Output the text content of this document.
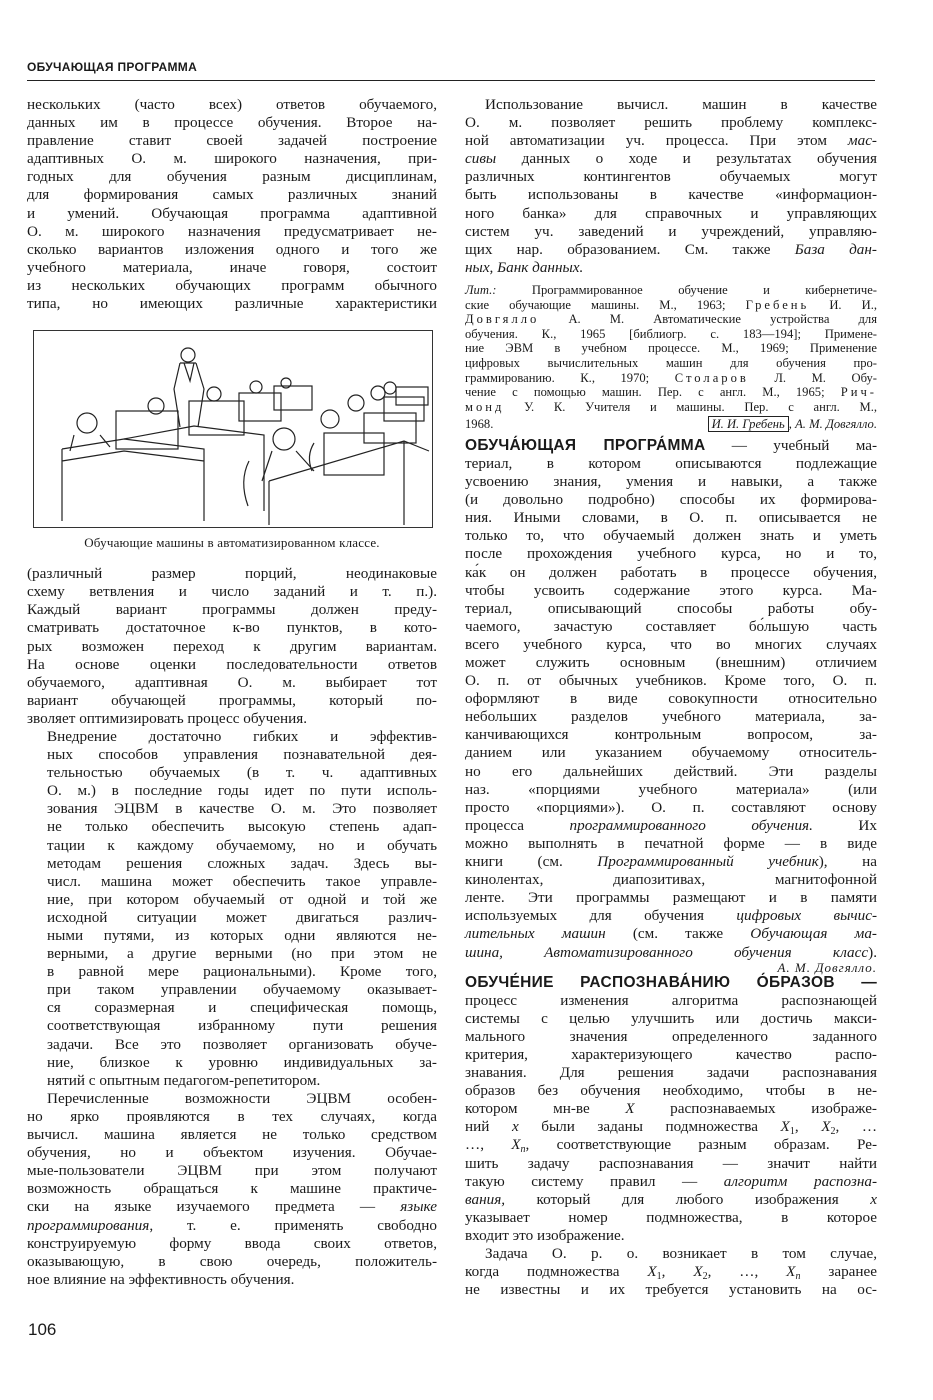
ОБУЧАЮЩАЯ ПРОГРАММА

нескольких (часто всех) ответов обучаемого,
данных им в процессе обучения. Второе на-
правление ставит своей задачей построение
адаптивных О. м. широкого назначения, при-
годных для обучения разным дисциплинам,
для формирования самых различных знаний
и умений. Обучающая программа адаптивной
О. м. широкого назначения предусматривает не-
сколько вариантов изложения одного и того же
учебного материала, иначе говоря, состоит
из нескольких обучающих программ обычного
типа, но имеющих различные характеристики

Обучающие машины в автоматизированном классе.

(различный размер порций, неодинаковые
схему ветвления и число заданий и т. п.).
Каждый вариант программы должен преду-
сматривать достаточное к-во пунктов, в кото-
рых возможен переход к другим вариантам.
На основе оценки последовательности ответов
обучаемого, адаптивная О. м. выбирает тот
вариант обучающей программы, который по-
зволяет оптимизировать процесс обучения.

Внедрение достаточно гибких и эффектив-
ных способов управления познавательной дея-
тельностью обучаемых (в т. ч. адаптивных
О. м.) в последние годы идет по пути исполь-
зования ЭЦВМ в качестве О. м. Это позволяет
не только обеспечить высокую степень адап-
тации к каждому обучаемому, но и обучать
методам решения сложных задач. Здесь вы-
числ. машина может обеспечить такое управле-
ние, при котором обучаемый от одной и той же
исходной ситуации может двигаться различ-
ными путями, из которых одни являются не-
верными, а другие верными (но при этом не
в равной мере рациональными). Кроме того,
при таком управлении обучаемому оказывает-
ся соразмерная и специфическая помощь,
соответствующая избранному пути решения
задачи. Все это позволяет организовать обуче-
ние, близкое к уровню индивидуальных за-
нятий с опытным педагогом-репетитором.

Перечисленные возможности ЭЦВМ особен-
но ярко проявляются в тех случаях, когда
вычисл. машина является не только средством
обучения, но и объектом изучения. Обучае-
мые-пользователи ЭЦВМ при этом получают
возможность обращаться к машине практиче-
ски на языке изучаемого предмета — языке
программирования, т. е. применять свободно
конструируемую форму ввода своих ответов,
оказывающую, в свою очередь, положитель-
ное влияние на эффективность обучения.

Использование вычисл. машин в качестве
О. м. позволяет решить проблему комплекс-
ной автоматизации уч. процесса. При этом мас-
сивы данных о ходе и результатах обучения
различных контингентов обучаемых могут
быть использованы в качестве «информацион-
ного банка» для справочных и управляющих
систем уч. заведений и учреждений, управляю-
щих нар. образованием. См. также База дан-
ных, Банк данных.

Лит.: Программированное обучение и кибернетиче-
ские обучающие машины. М., 1963; Гребень И. И.,
Довгялло А. М. Автоматические устройства для
обучения. К., 1965 [библиогр. с. 183—194]; Примене-
ние ЭВМ в учебном процессе. М., 1969; Применение
цифровых вычислительных машин для обучения про-
граммированию. К., 1970; Столаров Л. М. Обу-
чение с помощью машин. Пер. с англ. М., 1965; Рич-
монд У. К. Учителя и машины. Пер. с англ. М.,
1968.	И. И. Гребень , А. М. Довгялло.

ОБУЧА́ЮЩАЯ ПРОГРА́ММА — учебный ма-
териал, в котором описываются подлежащие
усвоению знания, умения и навыки, а также
(и довольно подробно) способы их формирова-
ния. Иными словами, в О. п. описывается не
только то, что обучаемый должен знать и уметь
после прохождения учебного курса, но и то,
ка́к он должен работать в процессе обучения,
чтобы усвоить содержание этого курса. Ма-
териал, описывающий способы работы обу-
чаемого, зачастую составляет бо́льшую часть
всего учебного курса, что во многих случаях
может служить основным (внешним) отличием
О. п. от обычных учебников. Кроме того, О. п.
оформляют в виде совокупности относительно
небольших разделов учебного материала, за-
канчивающихся контрольным вопросом, за-
данием или указанием обучаемому относитель-
но его дальнейших действий. Эти разделы
наз. «порциями учебного материала» (или
просто «порциями»). О. п. составляют основу
процесса программированного обучения. Их
можно выполнять в печатной форме — в виде
книги (см. Программированный учебник), на
кинолентах, диапозитивах, магнитофонной
ленте. Эти программы размещают и в памяти
используемых для обучения цифровых вычис-
лительных машин (см. также Обучающая ма-
шина, Автоматизированного обучения класс).
А. М. Довгялло.

ОБУЧЕ́НИЕ РАСПОЗНАВА́НИЮ О́БРАЗОВ —
процесс изменения алгоритма распознающей
системы с целью улучшить или достичь макси-
мального значения определенного заданного
критерия, характеризующего качество распо-
знавания. Для решения задачи распознавания
образов без обучения необходимо, чтобы в не-
котором мн-ве X распознаваемых изображе-
ний x были заданы подмножества $X_1$, $X_2$, …
…, $X_n$, соответствующие разным образам. Ре-
шить задачу распознавания — значит найти
такую систему правил — алгоритм распозна-
вания, который для любого изображения x
указывает номер подмножества, в которое
входит это изображение.
Задача О. р. о. возникает в том случае,
когда подмножества $X_1$, $X_2$, …, $X_n$ заранее
не известны и их требуется установить на ос-

106
